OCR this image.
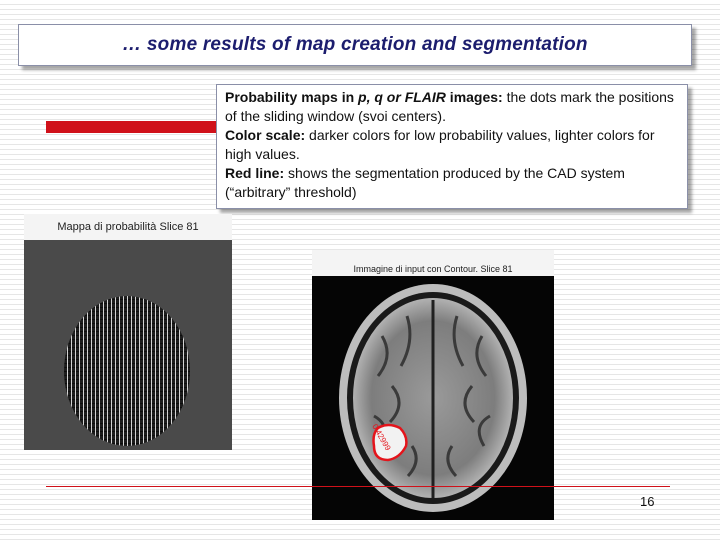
… some results of map creation and segmentation

Probability maps in p, q or FLAIR images: the dots mark the positions of the sliding window (svoi centers).

Color scale: darker colors for low probability values, lighter colors for high values.

Red line: shows the segmentation produced by the CAD system (“arbitrary” threshold)

Mappa di probabilità Slice 81
Immagine di input con Contour. Slice 81
0.42999
16
